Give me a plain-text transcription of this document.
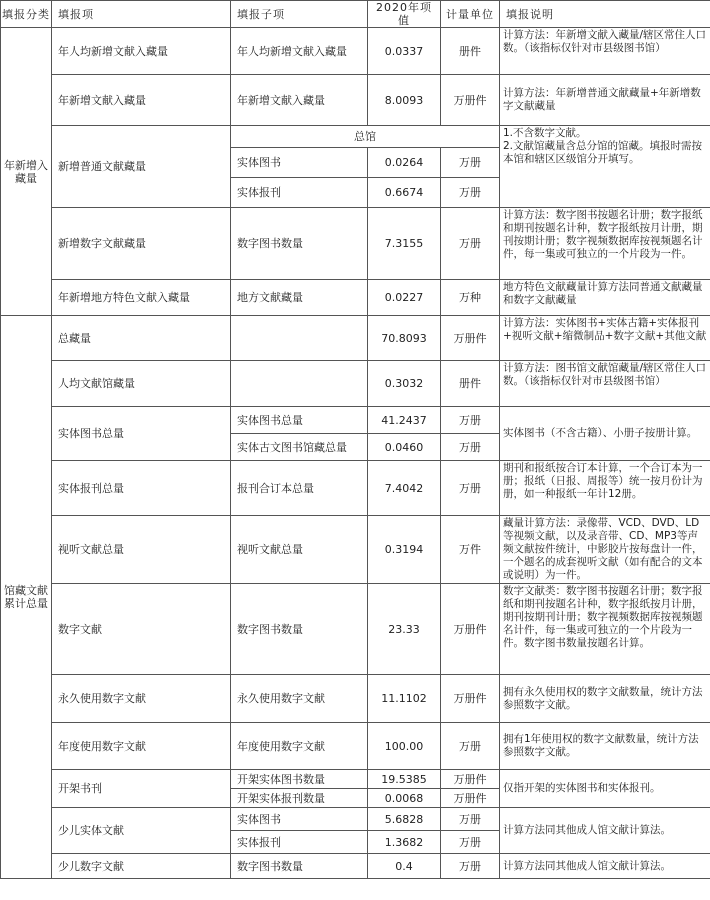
填报分类	填报项	填报子项	2020年项值	计量单位	填报说明
年新增入藏量	年人均新增文献入藏量	年人均新增文献入藏量	0.0337	册件	计算方法：年新增文献入藏量/辖区常住人口数。（该指标仅针对市县级图书馆）
	年新增文献入藏量	年新增文献入藏量	8.0093	万册件	计算方法：年新增普通文献藏量+年新增数字文献藏量
	新增普通文献藏量	总馆			1.不含数字文献。
2.文献馆藏量含总分馆的馆藏。填报时需按本馆和辖区区级馆分开填写。
		实体图书	0.0264	万册	
		实体报刊	0.6674	万册	
	新增数字文献藏量	数字图书数量	7.3155	万册	计算方法：数字图书按题名计册；数字报纸和期刊按题名计种，数字报纸按月计册，期刊按期计册；数字视频数据库按视频题名计件，每一集或可独立的一个片段为一件。
	年新增地方特色文献入藏量	地方文献藏量	0.0227	万种	地方特色文献藏量计算方法同普通文献藏量和数字文献藏量
馆藏文献累计总量	总藏量		70.8093	万册件	计算方法：实体图书+实体古籍+实体报刊+视听文献+缩微制品+数字文献+其他文献
	人均文献馆藏量		0.3032	册件	计算方法：图书馆文献馆藏量/辖区常住人口数。（该指标仅针对市县级图书馆）
	实体图书总量	实体图书总量	41.2437	万册	实体图书（不含古籍）、小册子按册计算。
		实体古文图书馆藏总量	0.0460	万册	
	实体报刊总量	报刊合订本总量	7.4042	万册	期刊和报纸按合订本计算，一个合订本为一册；报纸（日报、周报等）统一按月份计为册，如一种报纸一年计12册。
	视听文献总量	视听文献总量	0.3194	万件	藏量计算方法：录像带、VCD、DVD、LD等视频文献，以及录音带、CD、MP3等声频文献按件统计，中影胶片按每盘计一件，一个题名的成套视听文献（如有配合的文本或说明）为一件。
	数字文献	数字图书数量	23.33	万册件	数字文献类：数字图书按题名计册；数字报纸和期刊按题名计种，数字报纸按月计册，期刊按期刊计册；数字视频数据库按视频题名计件，每一集或可独立的一个片段为一件。数字图书数量按题名计算。
	永久使用数字文献	永久使用数字文献	11.1102	万册件	拥有永久使用权的数字文献数量，统计方法参照数字文献。
	年度使用数字文献	年度使用数字文献	100.00	万册	拥有1年使用权的数字文献数量，统计方法参照数字文献。
	开架书刊	开架实体图书数量	19.5385	万册件	仅指开架的实体图书和实体报刊。
		开架实体报刊数量	0.0068	万册件	
	少儿实体文献	实体图书	5.6828	万册	计算方法同其他成人馆文献计算法。
		实体报刊	1.3682	万册	
	少儿数字文献	数字图书数量	0.4	万册	计算方法同其他成人馆文献计算法。
